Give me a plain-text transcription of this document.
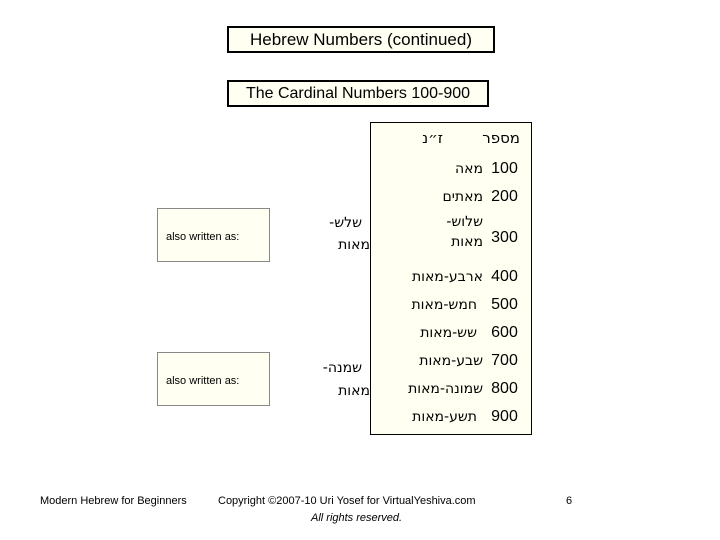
Hebrew Numbers (continued)
The Cardinal Numbers 100-900
מספר
ז״נ
100
מאה
200
מאתים
300
שלוש-
מאות
400
ארבע-מאות
500
חמש-מאות
600
שש-מאות
700
שבע-מאות
800
שמונה-מאות
900
תשע-מאות
also written as:
שלש-
מאות
also written as:
שמנה-
מאות
Modern Hebrew for Beginners	Copyright ©2007-10 Uri Yosef for VirtualYeshiva.com
All rights reserved.
6
